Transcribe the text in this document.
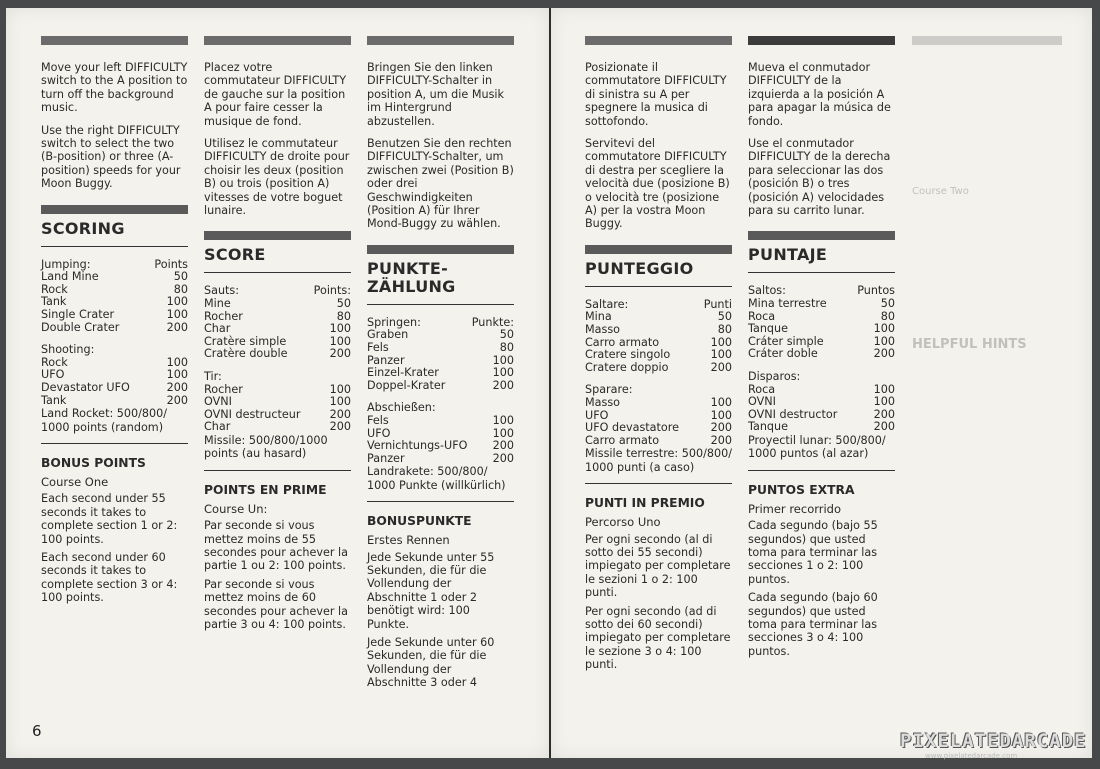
Move your left DIFFICULTY switch to the A position to turn off the background music.

Use the right DIFFICULTY switch to select the two (B-position) or three (A-position) speeds for your Moon Buggy.

SCORING
Jumping:	Points
Land Mine	50
Rock	80
Tank	100
Single Crater	100
Double Crater	200

Shooting:	
Rock	100
UFO	100
Devastator UFO	200
Tank	200

Land Rocket: 500/800/ 1000 points (random)

BONUS POINTS
Course One

Each second under 55 seconds it takes to complete section 1 or 2: 100 points.

Each second under 60 seconds it takes to complete section 3 or 4: 100 points.

Placez votre commutateur DIFFICULTY de gauche sur la position A pour faire cesser la musique de fond.

Utilisez le commutateur DIFFICULTY de droite pour choisir les deux (position B) ou trois (position A) vitesses de votre boguet lunaire.

SCORE
Sauts:	Points:
Mine	50
Rocher	80
Char	100
Cratère simple	100
Cratère double	200

Tir:	
Rocher	100
OVNI	100
OVNI destructeur	200
Char	200

Missile: 500/800/1000 points (au hasard)

POINTS EN PRIME
Course Un:

Par seconde si vous mettez moins de 55 secondes pour achever la partie 1 ou 2: 100 points.

Par seconde si vous mettez moins de 60 secondes pour achever la partie 3 ou 4: 100 points.

Bringen Sie den linken DIFFICULTY-Schalter in position A, um die Musik im Hintergrund abzustellen.

Benutzen Sie den rechten DIFFICULTY-Schalter, um zwischen zwei (Position B) oder drei Geschwindigkeiten (Position A) für Ihrer Mond-Buggy zu wählen.

PUNKTE-ZÄHLUNG
Springen:	Punkte:
Graben	50
Fels	80
Panzer	100
Einzel-Krater	100
Doppel-Krater	200

Abschießen:	
Fels	100
UFO	100
Vernichtungs-UFO	200
Panzer	200

Landrakete: 500/800/ 1000 Punkte (willkürlich)

BONUSPUNKTE
Erstes Rennen

Jede Sekunde unter 55 Sekunden, die für die Vollendung der Abschnitte 1 oder 2 benötigt wird: 100 Punkte.

Jede Sekunde unter 60 Sekunden, die für die Vollendung der Abschnitte 3 oder 4

Posizionate il commutatore DIFFICULTY di sinistra su A per spegnere la musica di sottofondo.

Servitevi del commutatore DIFFICULTY di destra per scegliere la velocità due (posizione B) o velocità tre (posizione A) per la vostra Moon Buggy.

PUNTEGGIO
Saltare:	Punti
Mina	50
Masso	80
Carro armato	100
Cratere singolo	100
Cratere doppio	200

Sparare:	
Masso	100
UFO	100
UFO devastatore	200
Carro armato	200

Missile terrestre: 500/800/ 1000 punti (a caso)

PUNTI IN PREMIO
Percorso Uno

Per ogni secondo (al di sotto dei 55 secondi) impiegato per completare le sezioni 1 o 2: 100 punti.

Per ogni secondo (ad di sotto dei 60 secondi) impiegato per completare le sezione 3 o 4: 100 punti.

Mueva el conmutador DIFFICULTY de la izquierda a la posición A para apagar la música de fondo.

Use el conmutador DIFFICULTY de la derecha para seleccionar las dos (posición B) o tres (posición A) velocidades para su carrito lunar.

PUNTAJE
Saltos:	Puntos
Mina terrestre	50
Roca	80
Tanque	100
Cráter simple	100
Cráter doble	200

Disparos:	
Roca	100
OVNI	100
OVNI destructor	200
Tanque	200

Proyectil lunar: 500/800/ 1000 puntos (al azar)

PUNTOS EXTRA
Primer recorrido

Cada segundo (bajo 55 segundos) que usted toma para terminar las secciones 1 o 2: 100 puntos.

Cada segundo (bajo 60 segundos) que usted toma para terminar las secciones 3 o 4: 100 puntos.

Course Two
HELPFUL HINTS
6	PIXELATEDARCADE
www.pixelatedarcade.com
